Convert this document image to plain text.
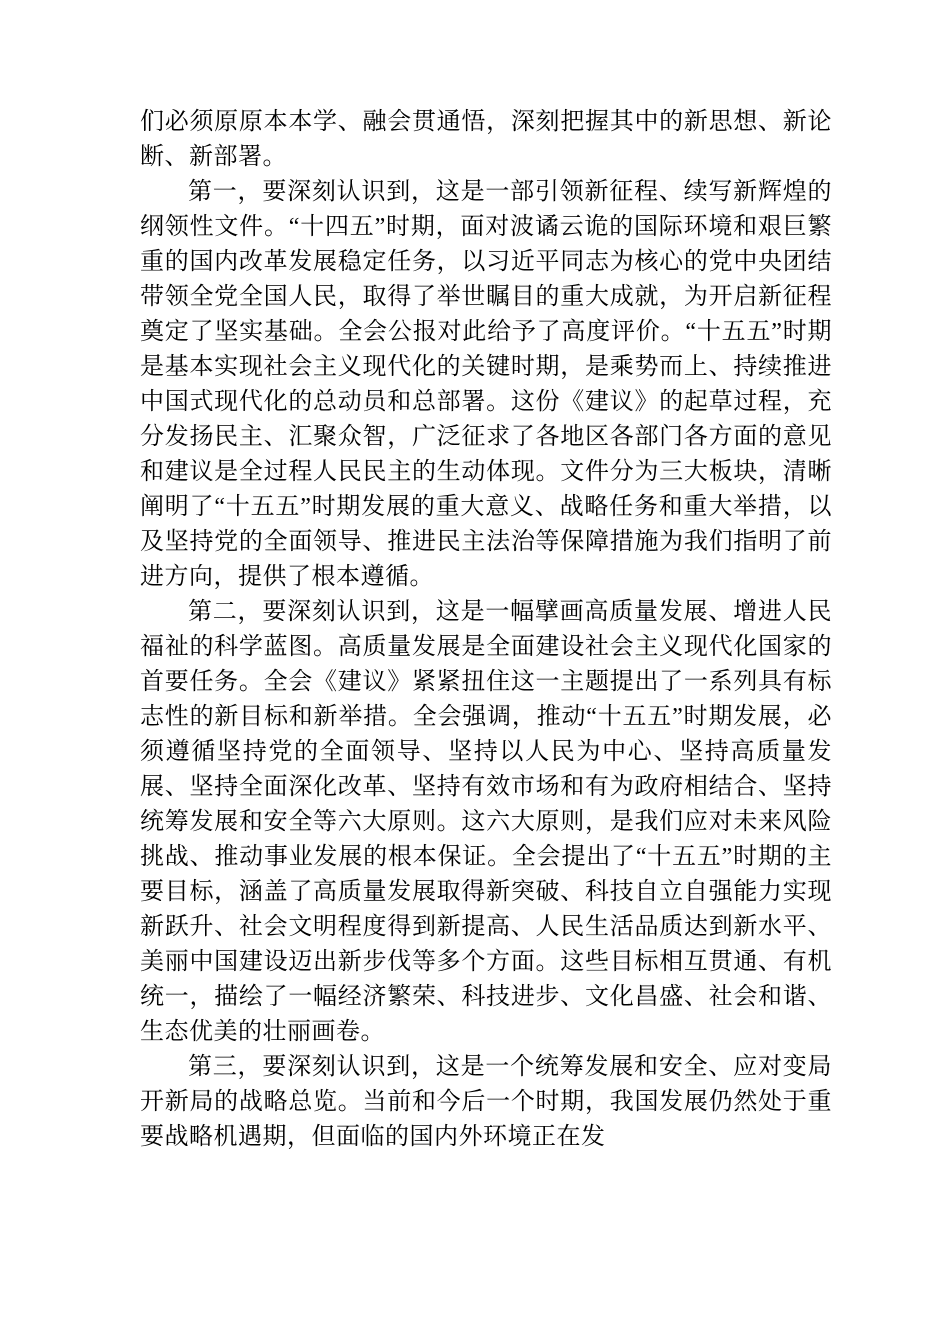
们必须原原本本学、融会贯通悟，深刻把握其中的新思想、新论断、新部署。

第一，要深刻认识到，这是一部引领新征程、续写新辉煌的纲领性文件。“十四五”时期，面对波谲云诡的国际环境和艰巨繁重的国内改革发展稳定任务，以习近平同志为核心的党中央团结带领全党全国人民，取得了举世瞩目的重大成就，为开启新征程奠定了坚实基础。全会公报对此给予了高度评价。“十五五”时期是基本实现社会主义现代化的关键时期，是乘势而上、持续推进中国式现代化的总动员和总部署。这份《建议》的起草过程，充分发扬民主、汇聚众智，广泛征求了各地区各部门各方面的意见和建议是全过程人民民主的生动体现。文件分为三大板块，清晰阐明了“十五五”时期发展的重大意义、战略任务和重大举措，以及坚持党的全面领导、推进民主法治等保障措施为我们指明了前进方向，提供了根本遵循。

第二，要深刻认识到，这是一幅擘画高质量发展、增进人民福祉的科学蓝图。高质量发展是全面建设社会主义现代化国家的首要任务。全会《建议》紧紧扭住这一主题提出了一系列具有标志性的新目标和新举措。全会强调，推动“十五五”时期发展，必须遵循坚持党的全面领导、坚持以人民为中心、坚持高质量发展、坚持全面深化改革、坚持有效市场和有为政府相结合、坚持统筹发展和安全等六大原则。这六大原则，是我们应对未来风险挑战、推动事业发展的根本保证。全会提出了“十五五”时期的主要目标，涵盖了高质量发展取得新突破、科技自立自强能力实现新跃升、社会文明程度得到新提高、人民生活品质达到新水平、美丽中国建设迈出新步伐等多个方面。这些目标相互贯通、有机统一，描绘了一幅经济繁荣、科技进步、文化昌盛、社会和谐、生态优美的壮丽画卷。

第三，要深刻认识到，这是一个统筹发展和安全、应对变局开新局的战略总览。当前和今后一个时期，我国发展仍然处于重要战略机遇期，但面临的国内外环境正在发
